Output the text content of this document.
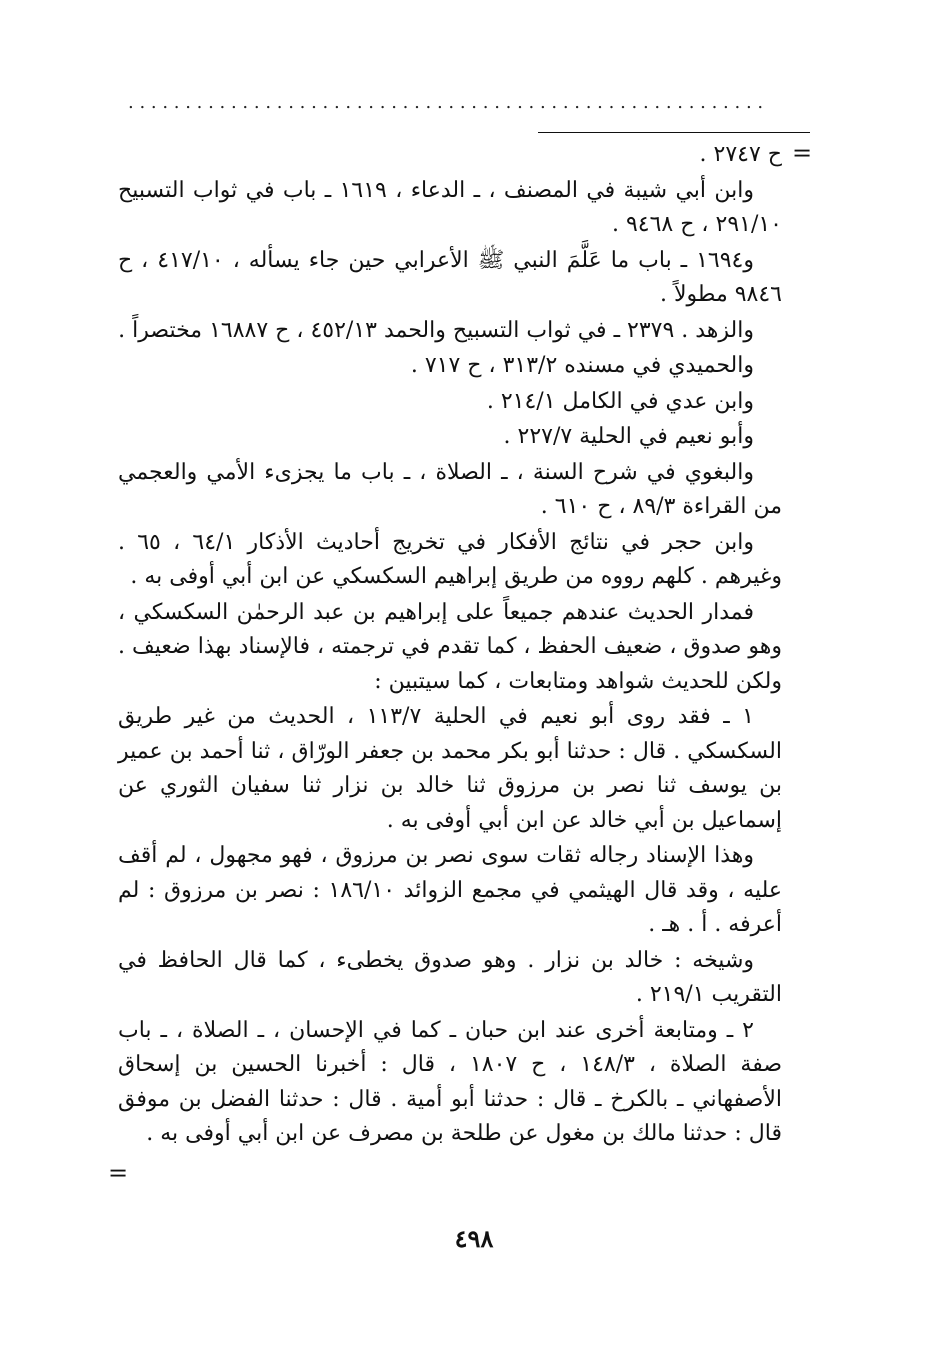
. . . . . . . . . . . . . . . . . . . . . . . . . . . . . . . . . . . . . . . . . . . . . . . . . . . . . . . .
=

ح ٢٧٤٧ .

وابن أبي شيبة في المصنف ، ـ الدعاء ، ١٦١٩ ـ باب في ثواب التسبيح ٢٩١/١٠ ، ح ٩٤٦٨ .

و١٦٩٤ ـ باب ما عَلَّمَ النبي ﷺ الأعرابي حين جاء يسأله ، ٤١٧/١٠ ، ح ٩٨٤٦ مطولاً .

والزهد . ٢٣٧٩ ـ في ثواب التسبيح والحمد ٤٥٢/١٣ ، ح ١٦٨٨٧ مختصراً .

والحميدي في مسنده ٣١٣/٢ ، ح ٧١٧ .

وابن عدي في الكامل ٢١٤/١ .

وأبو نعيم في الحلية ٢٢٧/٧ .

والبغوي في شرح السنة ، ـ الصلاة ، ـ باب ما يجزىء الأمي والعجمي من القراءة ٨٩/٣ ، ح ٦١٠ .

وابن حجر في نتائج الأفكار في تخريج أحاديث الأذكار ٦٤/١ ، ٦٥ . وغيرهم . كلهم رووه من طريق إبراهيم السكسكي عن ابن أبي أوفى به .

فمدار الحديث عندهم جميعاً على إبراهيم بن عبد الرحمٰن السكسكي ، وهو صدوق ، ضعيف الحفظ ، كما تقدم في ترجمته ، فالإسناد بهذا ضعيف . ولكن للحديث شواهد ومتابعات ، كما سيتبين :

١ ـ فقد روى أبو نعيم في الحلية ١١٣/٧ ، الحديث من غير طريق السكسكي . قال : حدثنا أبو بكر محمد بن جعفر الورّاق ، ثنا أحمد بن عمير بن يوسف ثنا نصر بن مرزوق ثنا خالد بن نزار ثنا سفيان الثوري عن إسماعيل بن أبي خالد عن ابن أبي أوفى به .

وهذا الإسناد رجاله ثقات سوى نصر بن مرزوق ، فهو مجهول ، لم أقف عليه ، وقد قال الهيثمي في مجمع الزوائد ١٨٦/١٠ : نصر بن مرزوق : لم أعرفه . أ . هـ .

وشيخه : خالد بن نزار . وهو صدوق يخطىء ، كما قال الحافظ في التقريب ٢١٩/١ .

٢ ـ ومتابعة أخرى عند ابن حبان ـ كما في الإحسان ، ـ الصلاة ، ـ باب صفة الصلاة ، ١٤٨/٣ ، ح ١٨٠٧ ، قال : أخبرنا الحسين بن إسحاق الأصفهاني ـ بالكرخ ـ قال : حدثنا أبو أمية . قال : حدثنا الفضل بن موفق قال : حدثنا مالك بن مغول عن طلحة بن مصرف عن ابن أبي أوفى به .

=
٤٩٨
